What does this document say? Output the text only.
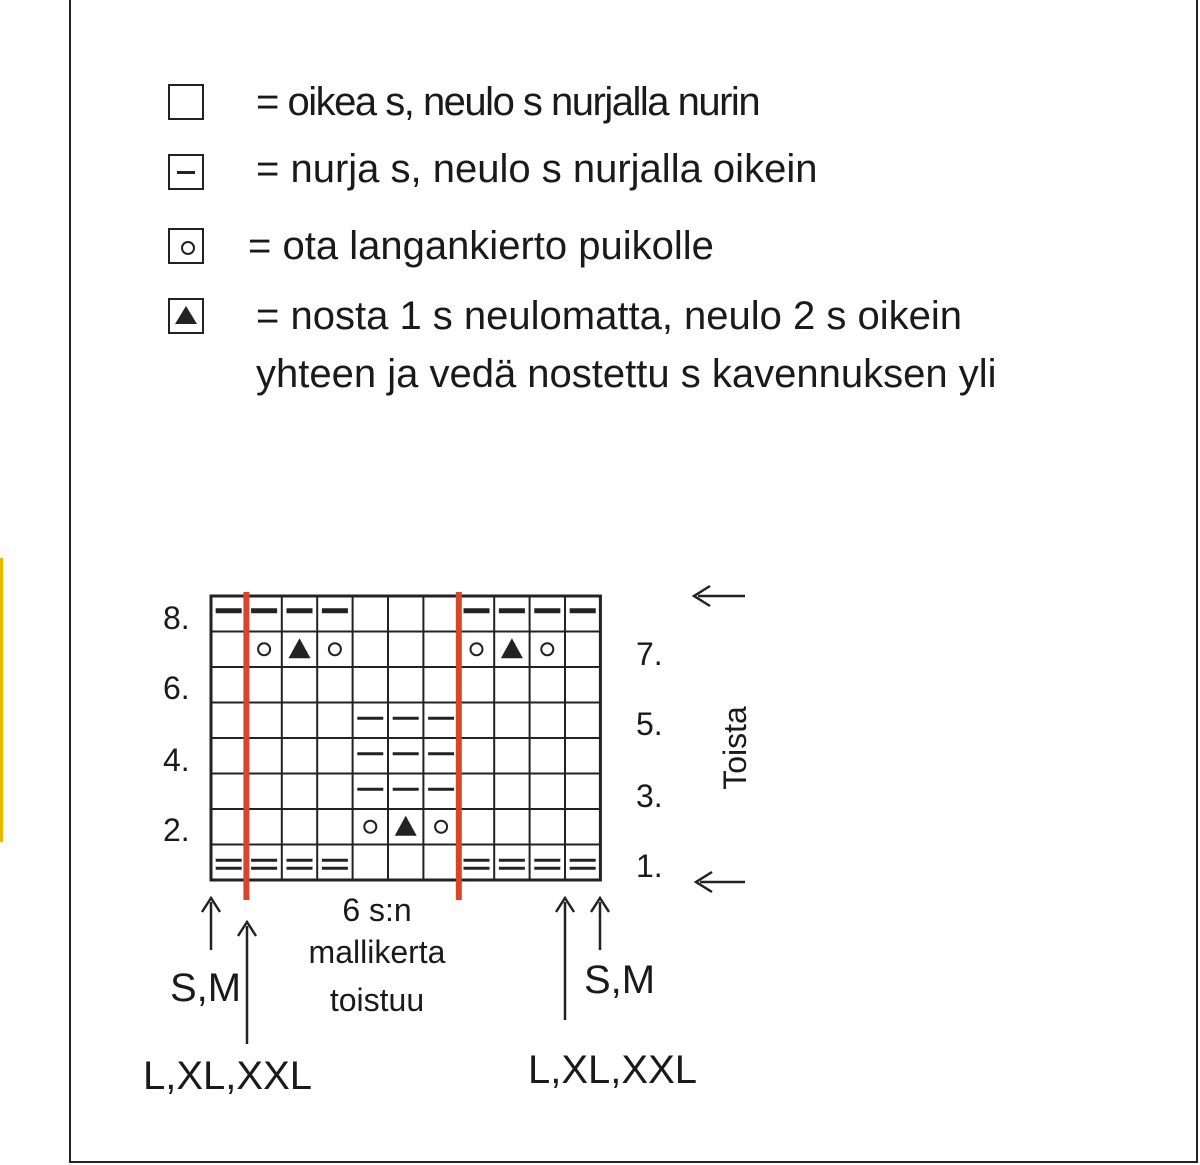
= oikea s, neulo s nurjalla nurin
= nurja s, neulo s nurjalla oikein
= ota langankierto puikolle
= nosta 1 s neulomatta, neulo 2 s oikein
yhteen ja vedä nostettu s kavennuksen yli
8.
6.
4.
2.
7.
5.
3.
1.
Toista
6 s:n
mallikerta
toistuu
S,M
L,XL,XXL
S,M
L,XL,XXL
